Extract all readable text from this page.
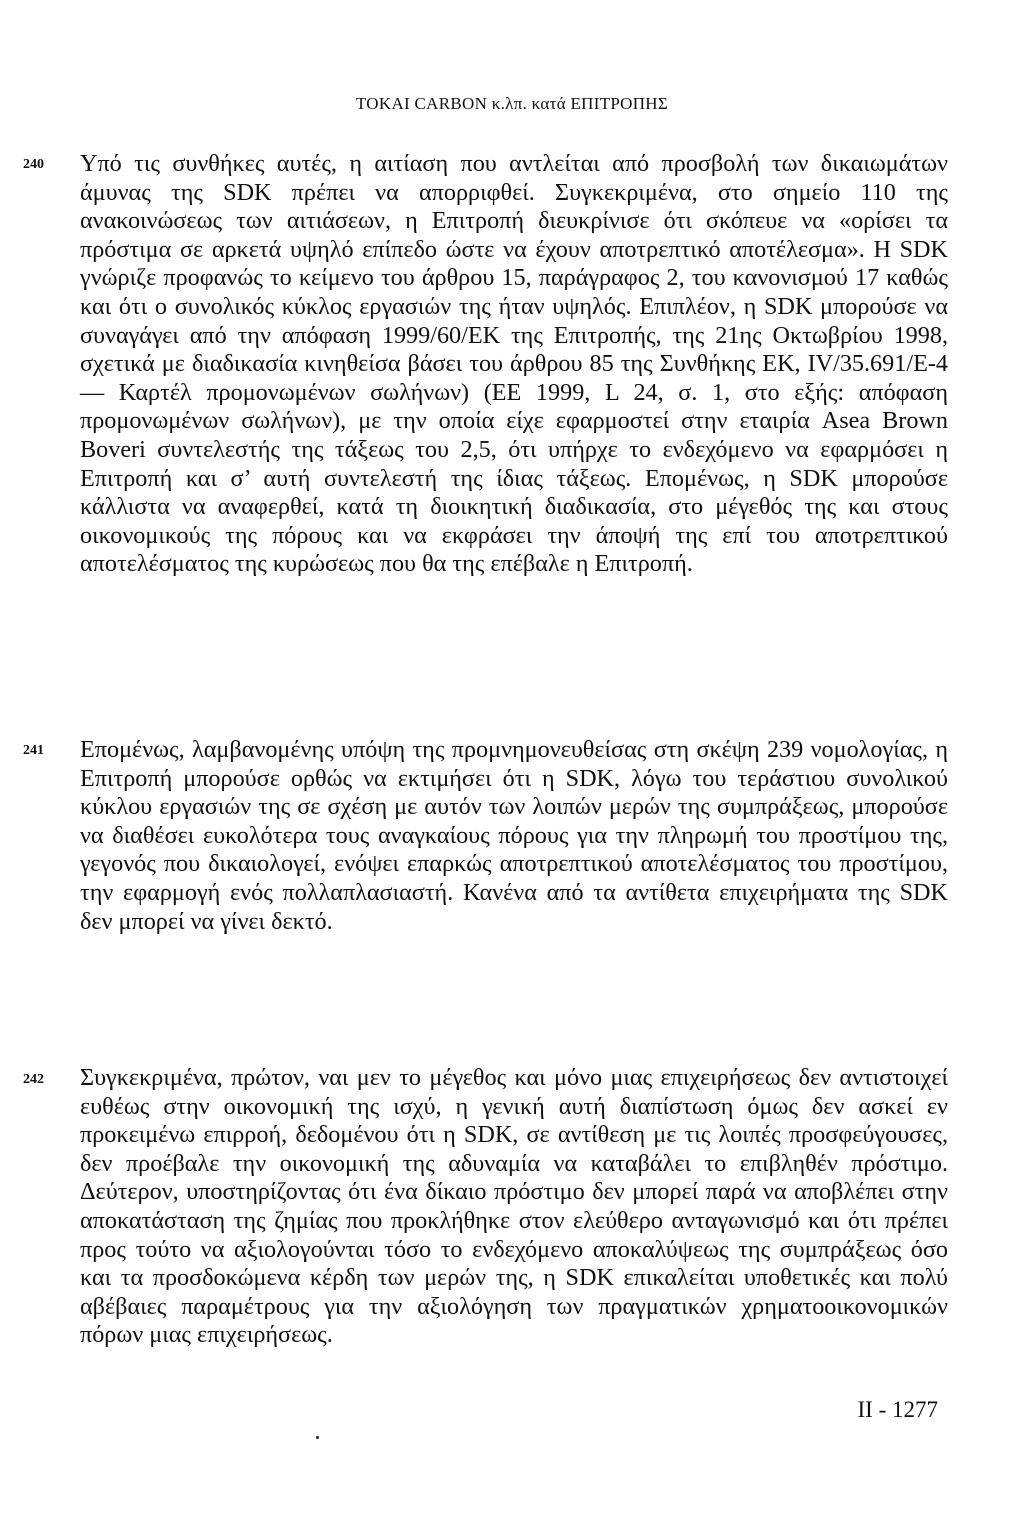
TOKAI CARBON κ.λπ. κατά ΕΠΙΤΡΟΠΗΣ
240 Υπό τις συνθήκες αυτές, η αιτίαση που αντλείται από προσβολή των δικαιωμάτων άμυνας της SDK πρέπει να απορριφθεί. Συγκεκριμένα, στο σημείο 110 της ανακοινώσεως των αιτιάσεων, η Επιτροπή διευκρίνισε ότι σκόπευε να «ορίσει τα πρόστιμα σε αρκετά υψηλό επίπεδο ώστε να έχουν αποτρεπτικό αποτέλεσμα». Η SDK γνώριζε προφανώς το κείμενο του άρθρου 15, παράγραφος 2, του κανονισμού 17 καθώς και ότι ο συνολικός κύκλος εργασιών της ήταν υψηλός. Επιπλέον, η SDK μπορούσε να συναγάγει από την απόφαση 1999/60/ΕΚ της Επιτροπής, της 21ης Οκτωβρίου 1998, σχετικά με διαδικασία κινηθείσα βάσει του άρθρου 85 της Συνθήκης ΕΚ, IV/35.691/Ε-4 — Καρτέλ προμονωμένων σωλήνων) (ΕΕ 1999, L 24, σ. 1, στο εξής: απόφαση προμονωμένων σωλήνων), με την οποία είχε εφαρμοστεί στην εταιρία Asea Brown Boveri συντελεστής της τάξεως του 2,5, ότι υπήρχε το ενδεχόμενο να εφαρμόσει η Επιτροπή και σ’ αυτή συντελεστή της ίδιας τάξεως. Επομένως, η SDK μπορούσε κάλλιστα να αναφερθεί, κατά τη διοικητική διαδικασία, στο μέγεθός της και στους οικονομικούς της πόρους και να εκφράσει την άποψή της επί του αποτρεπτικού αποτελέσματος της κυρώσεως που θα της επέβαλε η Επιτροπή.
241 Επομένως, λαμβανομένης υπόψη της προμνημονευθείσας στη σκέψη 239 νομολογίας, η Επιτροπή μπορούσε ορθώς να εκτιμήσει ότι η SDK, λόγω του τεράστιου συνολικού κύκλου εργασιών της σε σχέση με αυτόν των λοιπών μερών της συμπράξεως, μπορούσε να διαθέσει ευκολότερα τους αναγκαίους πόρους για την πληρωμή του προστίμου της, γεγονός που δικαιολογεί, ενόψει επαρκώς αποτρεπτικού αποτελέσματος του προστίμου, την εφαρμογή ενός πολλαπλασιαστή. Κανένα από τα αντίθετα επιχειρήματα της SDK δεν μπορεί να γίνει δεκτό.
242 Συγκεκριμένα, πρώτον, ναι μεν το μέγεθος και μόνο μιας επιχειρήσεως δεν αντιστοιχεί ευθέως στην οικονομική της ισχύ, η γενική αυτή διαπίστωση όμως δεν ασκεί εν προκειμένω επιρροή, δεδομένου ότι η SDK, σε αντίθεση με τις λοιπές προσφεύγουσες, δεν προέβαλε την οικονομική της αδυναμία να καταβάλει το επιβληθέν πρόστιμο. Δεύτερον, υποστηρίζοντας ότι ένα δίκαιο πρόστιμο δεν μπορεί παρά να αποβλέπει στην αποκατάσταση της ζημίας που προκλήθηκε στον ελεύθερο ανταγωνισμό και ότι πρέπει προς τούτο να αξιολογούνται τόσο το ενδεχόμενο αποκαλύψεως της συμπράξεως όσο και τα προσδοκώμενα κέρδη των μερών της, η SDK επικαλείται υποθετικές και πολύ αβέβαιες παραμέτρους για την αξιολόγηση των πραγματικών χρηματοοικονομικών πόρων μιας επιχειρήσεως.
II - 1277
